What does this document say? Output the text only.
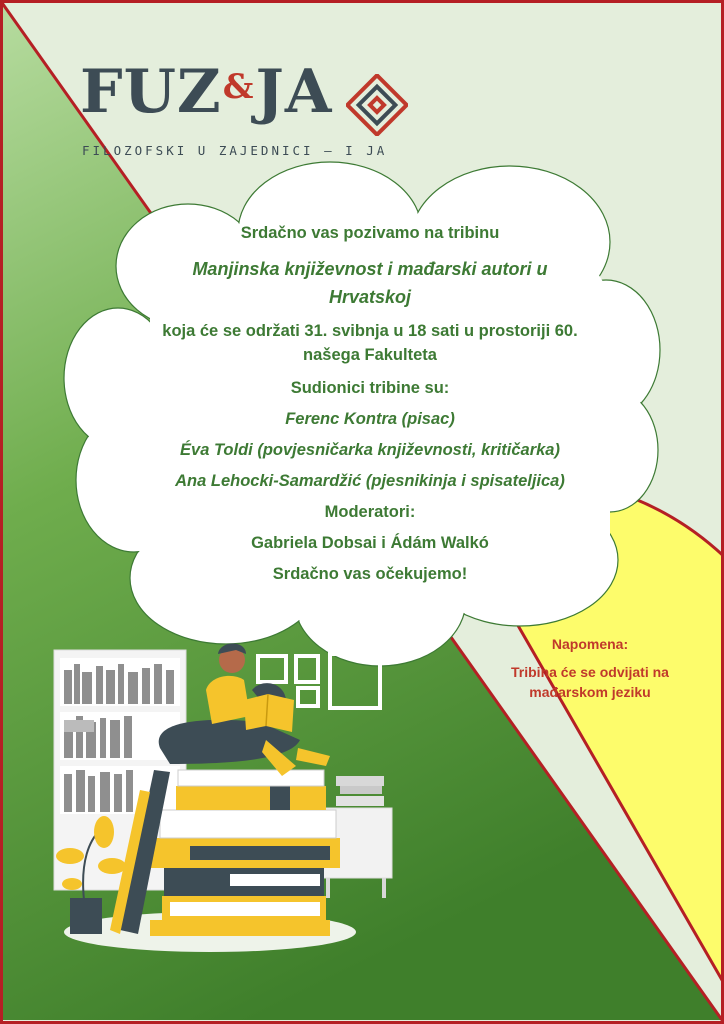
FUZ&JA
FILOZOFSKI U ZAJEDNICI – I JA

Srdačno vas pozivamo na tribinu

Manjinska književnost i mađarski autori u
Hrvatskoj

koja će se održati 31. svibnja u 18 sati u prostoriji 60.
našega Fakulteta

Sudionici tribine su:

Ferenc Kontra (pisac)

Éva Toldi (povjesničarka književnosti, kritičarka)

Ana Lehocki-Samardžić (pjesnikinja i spisateljica)

Moderatori:

Gabriela Dobsai i Ádám Walkó

Srdačno vas očekujemo!

Napomena:

Tribina će se odvijati na
mađarskom jeziku
